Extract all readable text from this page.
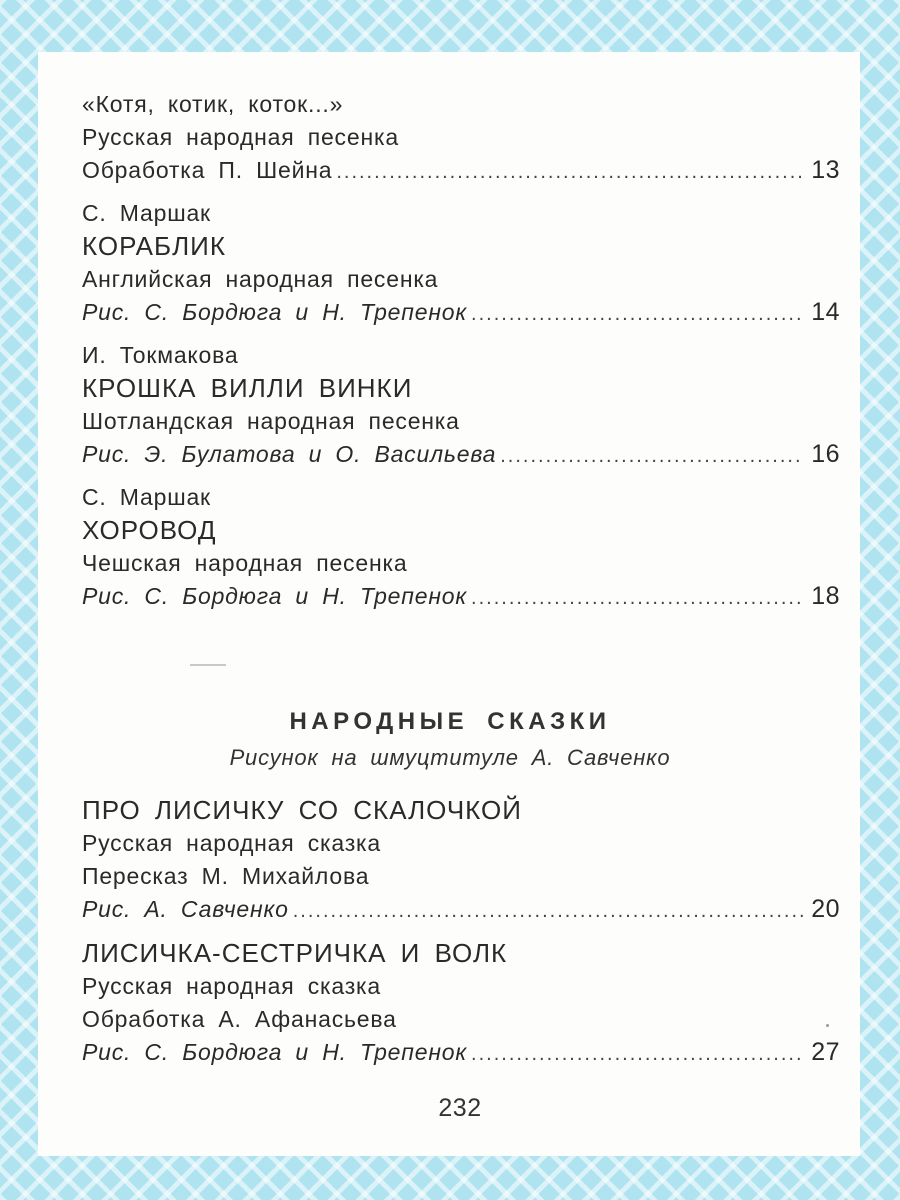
«Котя, котик, коток...»
Русская народная песенка
Обработка П. Шейна .....	13
С. Маршак
КОРАБЛИК
Английская народная песенка
Рис. С. Бордюга и Н. Трепенок .....	14
И. Токмакова
КРОШКА ВИЛЛИ ВИНКИ
Шотландская народная песенка
Рис. Э. Булатова и О. Васильева .....	16
С. Маршак
ХОРОВОД
Чешская народная песенка
Рис. С. Бордюга и Н. Трепенок .....	18
НАРОДНЫЕ СКАЗКИ
Рисунок на шмуцтитуле А. Савченко
ПРО ЛИСИЧКУ СО СКАЛОЧКОЙ
Русская народная сказка
Пересказ М. Михайлова
Рис. А. Савченко .....	20
ЛИСИЧКА-СЕСТРИЧКА И ВОЛК
Русская народная сказка
Обработка А. Афанасьева
Рис. С. Бордюга и Н. Трепенок .....	27
232
